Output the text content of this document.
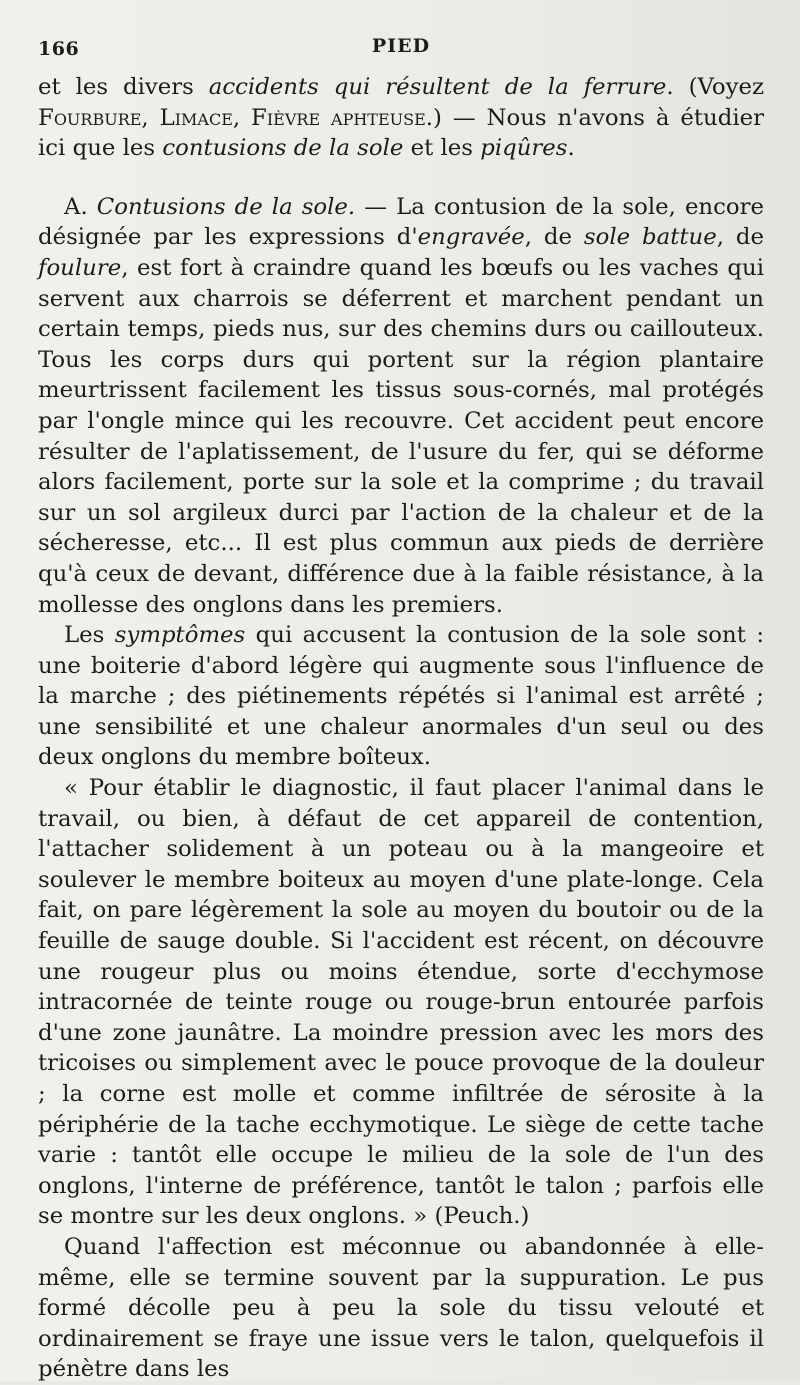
166	PIED

et les divers accidents qui résultent de la ferrure. (Voyez Fourbure, Limace, Fièvre aphteuse.) — Nous n'avons à étudier ici que les contusions de la sole et les piqûres.

A. Contusions de la sole. — La contusion de la sole, encore désignée par les expressions d'engravée, de sole battue, de foulure, est fort à craindre quand les bœufs ou les vaches qui servent aux charrois se déferrent et marchent pendant un certain temps, pieds nus, sur des chemins durs ou caillouteux. Tous les corps durs qui portent sur la région plantaire meurtrissent facilement les tissus sous-cornés, mal protégés par l'ongle mince qui les recouvre. Cet accident peut encore résulter de l'aplatissement, de l'usure du fer, qui se déforme alors facilement, porte sur la sole et la comprime ; du travail sur un sol argileux durci par l'action de la chaleur et de la sécheresse, etc... Il est plus commun aux pieds de derrière qu'à ceux de devant, différence due à la faible résistance, à la mollesse des onglons dans les premiers.

Les symptômes qui accusent la contusion de la sole sont : une boiterie d'abord légère qui augmente sous l'influence de la marche ; des piétinements répétés si l'animal est arrêté ; une sensibilité et une chaleur anormales d'un seul ou des deux onglons du membre boîteux.

« Pour établir le diagnostic, il faut placer l'animal dans le travail, ou bien, à défaut de cet appareil de contention, l'attacher solidement à un poteau ou à la mangeoire et soulever le membre boiteux au moyen d'une plate-longe. Cela fait, on pare légèrement la sole au moyen du boutoir ou de la feuille de sauge double. Si l'accident est récent, on découvre une rougeur plus ou moins étendue, sorte d'ecchymose intracornée de teinte rouge ou rouge-brun entourée parfois d'une zone jaunâtre. La moindre pression avec les mors des tricoises ou simplement avec le pouce provoque de la douleur ; la corne est molle et comme infiltrée de sérosite à la périphérie de la tache ecchymotique. Le siège de cette tache varie : tantôt elle occupe le milieu de la sole de l'un des onglons, l'interne de préférence, tantôt le talon ; parfois elle se montre sur les deux onglons. » (Peuch.)

Quand l'affection est méconnue ou abandonnée à elle-même, elle se termine souvent par la suppuration. Le pus formé décolle peu à peu la sole du tissu velouté et ordinairement se fraye une issue vers le talon, quelquefois il pénètre dans les
